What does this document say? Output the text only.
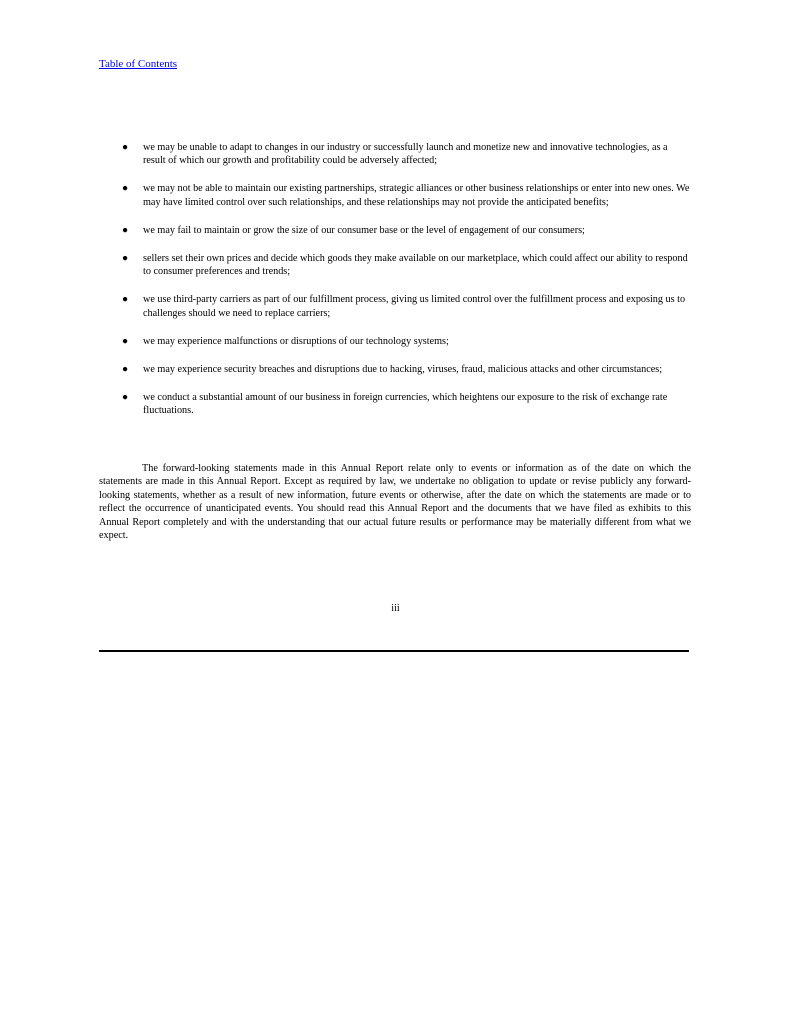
Table of Contents
● we may be unable to adapt to changes in our industry or successfully launch and monetize new and innovative technologies, as a result of which our growth and profitability could be adversely affected;
● we may not be able to maintain our existing partnerships, strategic alliances or other business relationships or enter into new ones. We may have limited control over such relationships, and these relationships may not provide the anticipated benefits;
● we may fail to maintain or grow the size of our consumer base or the level of engagement of our consumers;
● sellers set their own prices and decide which goods they make available on our marketplace, which could affect our ability to respond to consumer preferences and trends;
● we use third-party carriers as part of our fulfillment process, giving us limited control over the fulfillment process and exposing us to challenges should we need to replace carriers;
● we may experience malfunctions or disruptions of our technology systems;
● we may experience security breaches and disruptions due to hacking, viruses, fraud, malicious attacks and other circumstances;
● we conduct a substantial amount of our business in foreign currencies, which heightens our exposure to the risk of exchange rate fluctuations.

The forward-looking statements made in this Annual Report relate only to events or information as of the date on which the statements are made in this Annual Report. Except as required by law, we undertake no obligation to update or revise publicly any forward-looking statements, whether as a result of new information, future events or otherwise, after the date on which the statements are made or to reflect the occurrence of unanticipated events. You should read this Annual Report and the documents that we have filed as exhibits to this Annual Report completely and with the understanding that our actual future results or performance may be materially different from what we expect.

iii
